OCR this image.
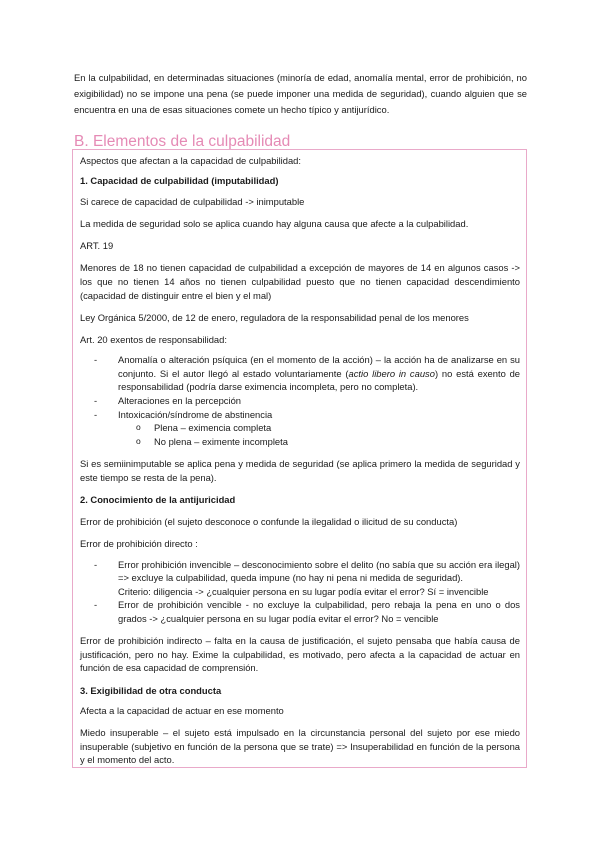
En la culpabilidad, en determinadas situaciones (minoría de edad, anomalía mental, error de prohibición, no exigibilidad) no se impone una pena (se puede imponer una medida de seguridad), cuando alguien que se encuentra en una de esas situaciones comete un hecho típico y antijurídico.

B. Elementos de la culpabilidad

Aspectos que afectan a la capacidad de culpabilidad:

1. Capacidad de culpabilidad (imputabilidad)

Si carece de capacidad de culpabilidad -> inimputable

La medida de seguridad solo se aplica cuando hay alguna causa que afecte a la culpabilidad.

ART. 19

Menores de 18 no tienen capacidad de culpabilidad a excepción de mayores de 14 en algunos casos -> los que no tienen 14 años no tienen culpabilidad puesto que no tienen capacidad descendimiento (capacidad de distinguir entre el bien y el mal)

Ley Orgánica 5/2000, de 12 de enero, reguladora de la responsabilidad penal de los menores

Art. 20 exentos de responsabilidad:

- Anomalía o alteración psíquica (en el momento de la acción) – la acción ha de analizarse en su conjunto. Si el autor llegó al estado voluntariamente (actio libero in causo) no está exento de responsabilidad (podría darse eximencia incompleta, pero no completa).
- Alteraciones en la percepción
- Intoxicación/síndrome de abstinencia
o Plena – eximencia completa
o No plena – eximente incompleta

Si es semiinimputable se aplica pena y medida de seguridad (se aplica primero la medida de seguridad y este tiempo se resta de la pena).

2. Conocimiento de la antijuricidad

Error de prohibición (el sujeto desconoce o confunde la ilegalidad o ilicitud de su conducta)

Error de prohibición directo :

- Error prohibición invencible – desconocimiento sobre el delito (no sabía que su acción era ilegal) => excluye la culpabilidad, queda impune (no hay ni pena ni medida de seguridad).
Criterio: diligencia -> ¿cualquier persona en su lugar podía evitar el error? Sí = invencible
- Error de prohibición vencible - no excluye la culpabilidad, pero rebaja la pena en uno o dos grados -> ¿cualquier persona en su lugar podía evitar el error? No = vencible

Error de prohibición indirecto – falta en la causa de justificación, el sujeto pensaba que había causa de justificación, pero no hay. Exime la culpabilidad, es motivado, pero afecta a la capacidad de actuar en función de esa capacidad de comprensión.

3. Exigibilidad de otra conducta

Afecta a la capacidad de actuar en ese momento

Miedo insuperable – el sujeto está impulsado en la circunstancia personal del sujeto por ese miedo insuperable (subjetivo en función de la persona que se trate) => Insuperabilidad en función de la persona y el momento del acto.
